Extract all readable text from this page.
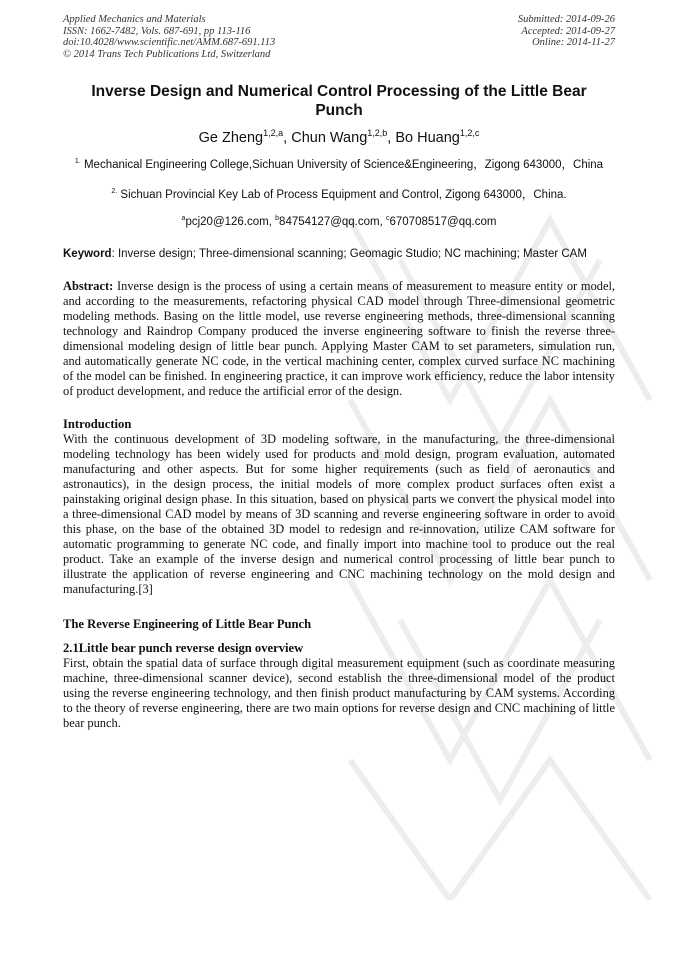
Applied Mechanics and Materials
ISSN: 1662-7482, Vols. 687-691, pp 113-116
doi:10.4028/www.scientific.net/AMM.687-691.113
© 2014 Trans Tech Publications Ltd, Switzerland
Submitted: 2014-09-26
Accepted: 2014-09-27
Online: 2014-11-27
Inverse Design and Numerical Control Processing of the Little Bear Punch
Ge Zheng$^{1,2,a}$, Chun Wang$^{1,2,b}$, Bo Huang$^{1,2,c}$
$^{1.}$ Mechanical Engineering College,Sichuan University of Science&Engineering，Zigong 643000，China
$^{2.}$ Sichuan Provincial Key Lab of Process Equipment and Control, Zigong 643000，China.
$^a$pcj20@126.com, $^b$84754127@qq.com, $^c$670708517@qq.com
Keyword: Inverse design; Three-dimensional scanning; Geomagic Studio; NC machining; Master CAM

Abstract: Inverse design is the process of using a certain means of measurement to measure entity or model, and according to the measurements, refactoring physical CAD model through Three-dimensional geometric modeling methods. Basing on the little model, use reverse engineering methods, three-dimensional scanning technology and Raindrop Company produced the inverse engineering software to finish the reverse three-dimensional modeling design of little bear punch. Applying Master CAM to set parameters, simulation run, and automatically generate NC code, in the vertical machining center, complex curved surface NC machining of the model can be finished. In engineering practice, it can improve work efficiency, reduce the labor intensity of product development, and reduce the artificial error of the design.

Introduction

With the continuous development of 3D modeling software, in the manufacturing, the three-dimensional modeling technology has been widely used for products and mold design, program evaluation, automated manufacturing and other aspects. But for some higher requirements (such as field of aeronautics and astronautics), in the design process, the initial models of more complex product surfaces often exist a painstaking original design phase. In this situation, based on physical parts we convert the physical model into a three-dimensional CAD model by means of 3D scanning and reverse engineering software in order to avoid this phase, on the base of the obtained 3D model to redesign and re-innovation, utilize CAM software for automatic programming to generate NC code, and finally import into machine tool to produce out the real product. Take an example of the inverse design and numerical control processing of little bear punch to illustrate the application of reverse engineering and CNC machining technology on the mold design and manufacturing.[3]

The Reverse Engineering of Little Bear Punch

2.1Little bear punch reverse design overview

First, obtain the spatial data of surface through digital measurement equipment (such as coordinate measuring machine, three-dimensional scanner device), second establish the three-dimensional model of the product using the reverse engineering technology, and then finish product manufacturing by CAM systems. According to the theory of reverse engineering, there are two main options for reverse design and CNC machining of little bear punch.
